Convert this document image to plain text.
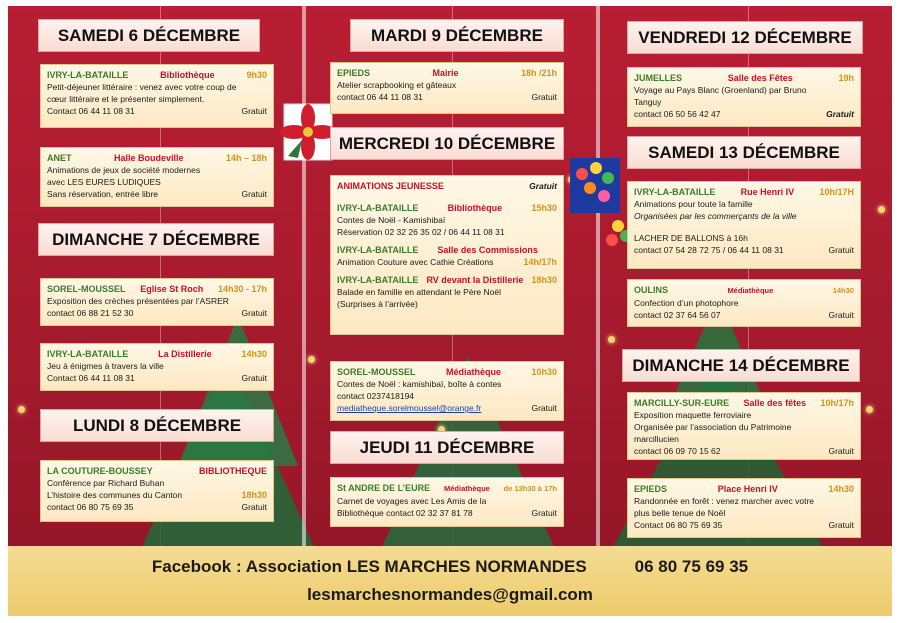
SAMEDI 6 DÉCEMBRE
IVRY-LA-BATAILLE	Bibliothèque	9h30
Petit-déjeuner littéraire : venez avec votre coup de
cœur littéraire et le présenter simplement.
Contact 06 44 11 08 31	Gratuit
ANET	Halle Boudeville	14h – 18h
Animations de jeux de société modernes
avec LES EURES LUDIQUES
Sans réservation, entrée libre	Gratuit
DIMANCHE 7 DÉCEMBRE
SOREL-MOUSSEL Eglise St Roch 14h30 - 17h
Exposition des crèches présentées par l’ASRER
contact 06 88 21 52 30	Gratuit
IVRY-LA-BATAILLE	La Distillerie	14h30
Jeu à énigmes à travers la ville
Contact 06 44 11 08 31	Gratuit
LUNDI 8 DÉCEMBRE
LA COUTURE-BOUSSEY	BIBLIOTHEQUE
Conférence par Richard Buhan
L’histoire des communes du Canton	18h30
contact 06 80 75 69 35	Gratuit
MARDI 9 DÉCEMBRE
EPIEDS	Mairie	18h /21h
Atelier scrapbooking et gâteaux
contact 06 44 11 08 31	Gratuit
MERCREDI 10 DÉCEMBRE
ANIMATIONS JEUNESSE	Gratuit
IVRY-LA-BATAILLE	Bibliothèque	15h30
Contes de Noël - Kamishibaï
Réservation 02 32 26 35 02 / 06 44 11 08 31
IVRY-LA-BATAILLE Salle des Commissions
Animation Couture avec Cathie Créations	14h/17h
IVRY-LA-BATAILLE RV devant la Distillerie 18h30
Balade en famille en attendant le Père Noël
(Surprises à l’arrivée)
SOREL-MOUSSEL	Médiathèque	10h30
Contes de Noël : kamishibaï, boîte à contes
contact 0237418194
mediatheque.sorelmoussel@orange.fr	Gratuit
JEUDI 11 DÉCEMBRE
St ANDRE DE L’EURE Médiathèque de 13h30 à 17h
Carnet de voyages avec Les Amis de la
Bibliothèque contact 02 32 37 81 78	Gratuit
VENDREDI 12 DÉCEMBRE
JUMELLES	Salle des Fêtes	19h
Voyage au Pays Blanc (Groenland) par Bruno
Tanguy
contact 06 50 56 42 47	Gratuit
SAMEDI 13 DÉCEMBRE
IVRY-LA-BATAILLE	Rue Henri IV	10h/17H
Animations pour toute la famille
Organisées par les commerçants de la ville
LACHER DE BALLONS à 16h
contact 07 54 28 72 75 / 06 44 11 08 31	Gratuit
OULINS	Médiathèque	14h30
Confection d’un photophore
contact 02 37 64 56 07	Gratuit
DIMANCHE 14 DÉCEMBRE
MARCILLY-SUR-EURE Salle des fêtes 10h/17h
Exposition maquette ferroviaire
Organisée par l’association du Patrimoine
marcillucien
contact 06 09 70 15 62	Gratuit
EPIEDS	Place Henri IV	14h30
Randonnée en forêt : venez marcher avec votre
plus belle tenue de Noël
Contact 06 80 75 69 35	Gratuit
Facebook : Association LES MARCHES NORMANDES	06 80 75 69 35
lesmarchesnormandes@gmail.com
